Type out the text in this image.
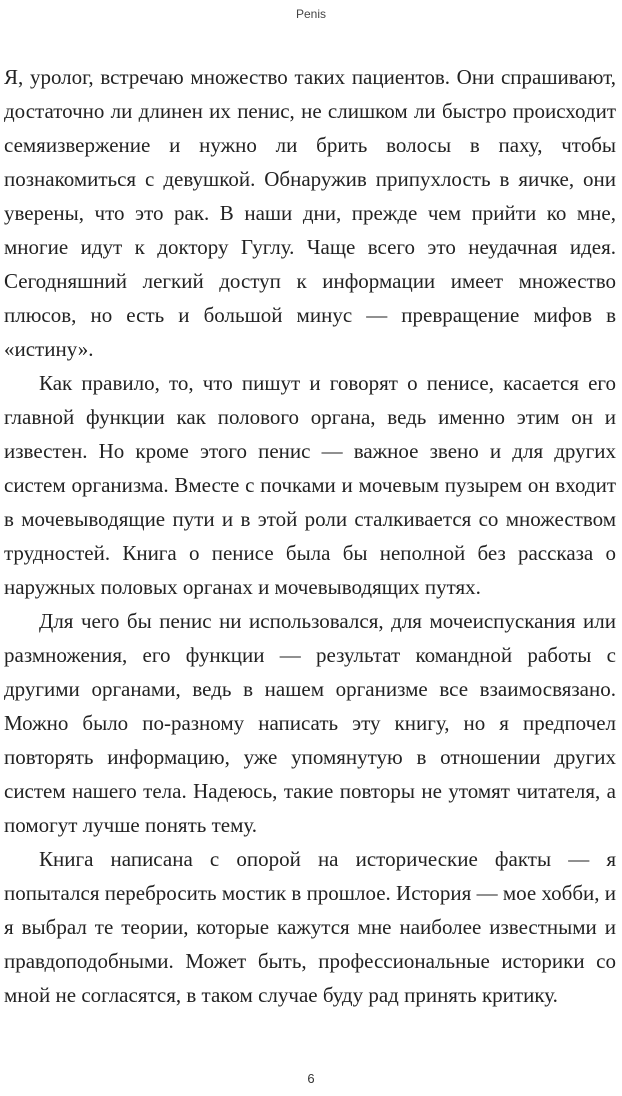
Penis

Я, уролог, встречаю множество таких пациентов. Они спрашивают, достаточно ли длинен их пенис, не слишком ли быстро происходит семяизвержение и нужно ли брить волосы в паху, чтобы познакомиться с девушкой. Обнаружив припухлость в яичке, они уверены, что это рак. В наши дни, прежде чем прийти ко мне, многие идут к доктору Гуглу. Чаще всего это неудачная идея. Сегодняшний легкий доступ к информации имеет множество плюсов, но есть и большой минус — превращение мифов в «истину».

Как правило, то, что пишут и говорят о пенисе, касается его главной функции как полового органа, ведь именно этим он и известен. Но кроме этого пенис — важное звено и для других систем организма. Вместе с почками и мочевым пузырем он входит в мочевыводящие пути и в этой роли сталкивается со множеством трудностей. Книга о пенисе была бы неполной без рассказа о наружных половых органах и мочевыводящих путях.

Для чего бы пенис ни использовался, для мочеиспускания или размножения, его функции — результат командной работы с другими органами, ведь в нашем организме все взаимосвязано. Можно было по-разному написать эту книгу, но я предпочел повторять информацию, уже упомянутую в отношении других систем нашего тела. Надеюсь, такие повторы не утомят читателя, а помогут лучше понять тему.

Книга написана с опорой на исторические факты — я попытался перебросить мостик в прошлое. История — мое хобби, и я выбрал те теории, которые кажутся мне наиболее известными и правдоподобными. Может быть, профессиональные историки со мной не согласятся, в таком случае буду рад принять критику.

6
